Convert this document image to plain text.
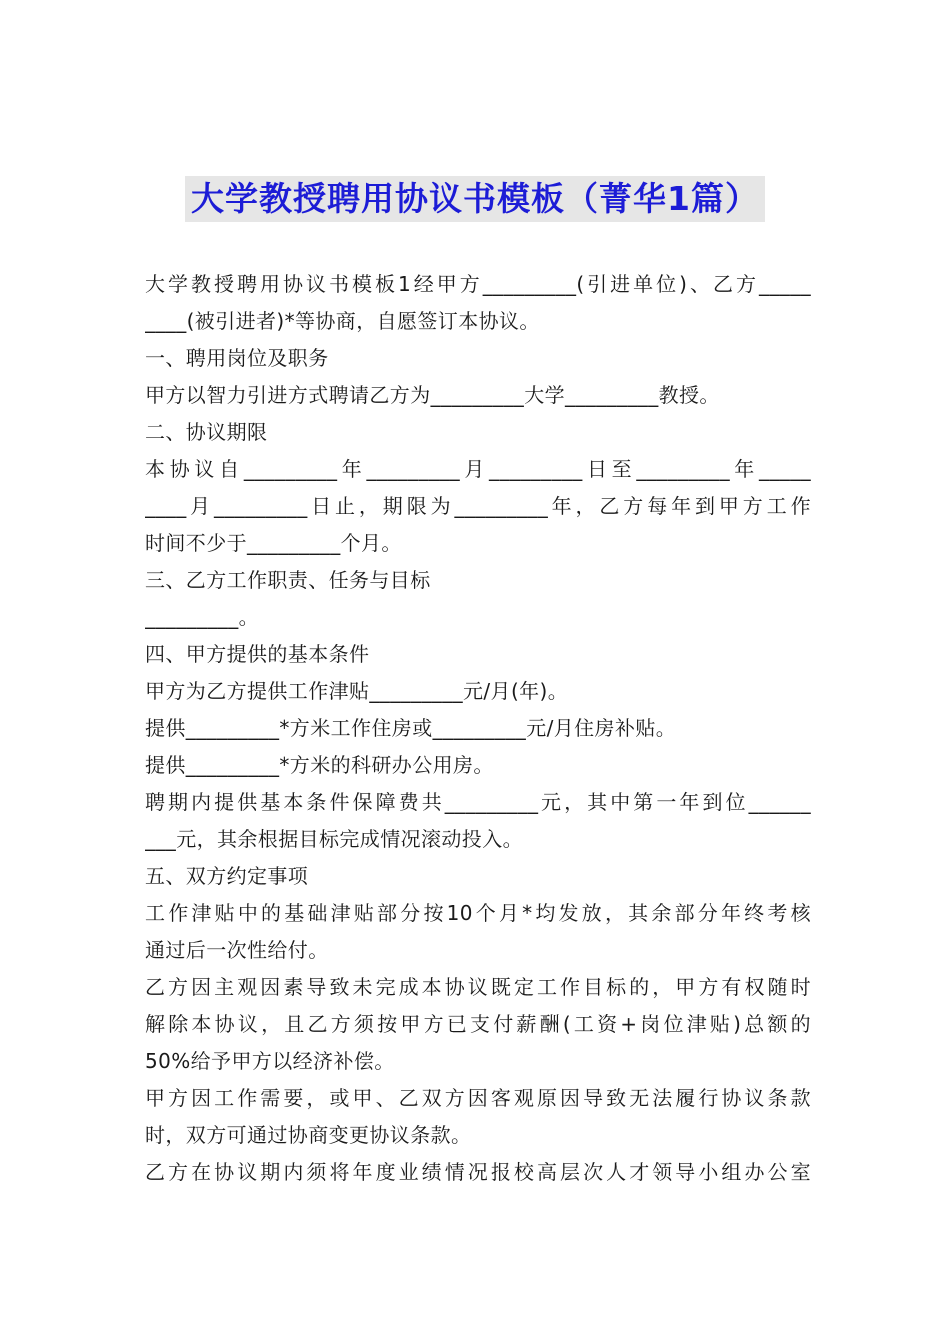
大学教授聘用协议书模板（菁华1篇）
大学教授聘用协议书模板1经甲方_________(引进单位)、乙方_____
____(被引进者)*等协商，自愿签订本协议。
一、聘用岗位及职务
甲方以智力引进方式聘请乙方为_________大学_________教授。
二、协议期限
本协议自_________年_________月_________日至_________年_____
____月_________日止，期限为_________年，乙方每年到甲方工作
时间不少于_________个月。
三、乙方工作职责、任务与目标
_________。
四、甲方提供的基本条件
甲方为乙方提供工作津贴_________元/月(年)。
提供_________*方米工作住房或_________元/月住房补贴。
提供_________*方米的科研办公用房。
聘期内提供基本条件保障费共_________元，其中第一年到位______
___元，其余根据目标完成情况滚动投入。
五、双方约定事项
工作津贴中的基础津贴部分按10个月*均发放，其余部分年终考核
通过后一次性给付。
乙方因主观因素导致未完成本协议既定工作目标的，甲方有权随时
解除本协议，且乙方须按甲方已支付薪酬(工资+岗位津贴)总额的
50%给予甲方以经济补偿。
甲方因工作需要，或甲、乙双方因客观原因导致无法履行协议条款
时，双方可通过协商变更协议条款。
乙方在协议期内须将年度业绩情况报校高层次人才领导小组办公室
